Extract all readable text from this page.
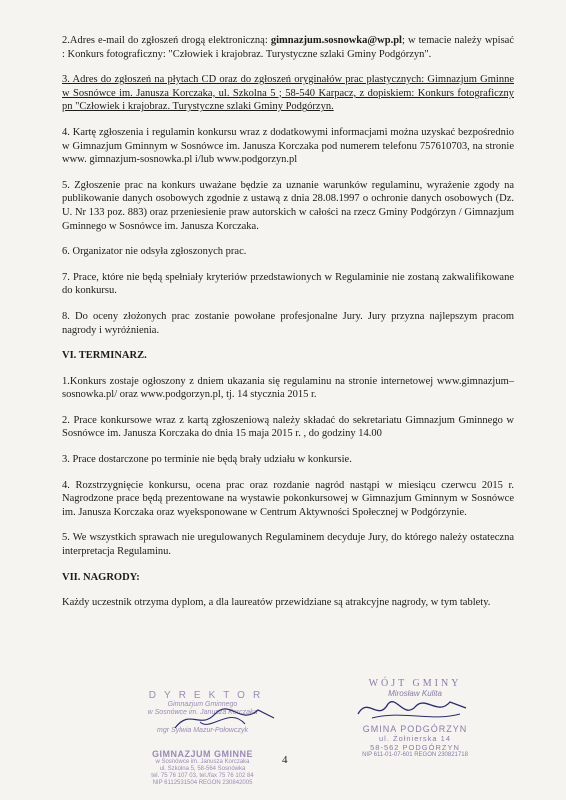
2.Adres e-mail do zgłoszeń drogą elektroniczną: gimnazjum.sosnowka@wp.pl; w temacie należy wpisać : Konkurs fotograficzny: "Człowiek i krajobraz. Turystyczne szlaki Gminy Podgórzyn".

3. Adres do zgłoszeń na płytach CD oraz do zgłoszeń oryginałów prac plastycznych: Gimnazjum Gminne w Sosnówce im. Janusza Korczaka, ul. Szkolna 5 ; 58-540 Karpacz, z dopiskiem: Konkurs fotograficzny pn "Człowiek i krajobraz. Turystyczne szlaki Gminy Podgórzyn.

4. Kartę zgłoszenia i regulamin konkursu wraz z dodatkowymi informacjami można uzyskać bezpośrednio w Gimnazjum Gminnym w Sosnówce im. Janusza Korczaka pod numerem telefonu 757610703, na stronie www. gimnazjum-sosnowka.pl i/lub www.podgorzyn.pl

5. Zgłoszenie prac na konkurs uważane będzie za uznanie warunków regulaminu, wyrażenie zgody na publikowanie danych osobowych zgodnie z ustawą z dnia 28.08.1997 o ochronie danych osobowych (Dz. U. Nr 133 poz. 883) oraz przeniesienie praw autorskich w całości na rzecz Gminy Podgórzyn / Gimnazjum Gminnego w Sosnówce im. Janusza Korczaka.

6. Organizator nie odsyła zgłoszonych prac.

7. Prace, które nie będą spełniały kryteriów przedstawionych w Regulaminie nie zostaną zakwalifikowane do konkursu.

8. Do oceny złożonych prac zostanie powołane profesjonalne Jury. Jury przyzna najlepszym pracom nagrody i wyróżnienia.

VI. TERMINARZ.

1.Konkurs zostaje ogłoszony z dniem ukazania się regulaminu na stronie internetowej www.gimnazjum–sosnowka.pl/ oraz www.podgorzyn.pl, tj. 14 stycznia 2015 r.

2. Prace konkursowe wraz z kartą zgłoszeniową należy składać do sekretariatu Gimnazjum Gminnego w Sosnówce im. Janusza Korczaka do dnia 15 maja 2015 r. , do godziny 14.00

3. Prace dostarczone po terminie nie będą brały udziału w konkursie.

4. Rozstrzygnięcie konkursu, ocena prac oraz rozdanie nagród nastąpi w miesiącu czerwcu 2015 r. Nagrodzone prace będą prezentowane na wystawie pokonkursowej w Gimnazjum Gminnym w Sosnówce im. Janusza Korczaka oraz wyeksponowane w Centrum Aktywności Społecznej w Podgórzynie.

5. We wszystkich sprawach nie uregulowanych Regulaminem decyduje Jury, do którego należy ostateczna interpretacja Regulaminu.

VII. NAGRODY:

Każdy uczestnik otrzyma dyplom, a dla laureatów przewidziane są atrakcyjne nagrody, w tym tablety.

DYREKTOR
Gimnazjum Gminnego
w Sosnówce im. Janusza Korczaka
mgr Sylwia Mazur-Połowczyk
GIMNAZJUM GMINNE
w Sosnówce im. Janusza Korczaka
ul. Szkolna 5, 58-564 Sosnówka
tel. 75 76 107 03, tel./fax 75 76 102 84
NIP 6112531504 REGON 230842005
WÓJT GMINY
Mirosław Kulita
GMINA PODGÓRZYN
ul. Żołnierska 14
58-562 PODGÓRZYN
NIP 611-01-07-601 REGON 230821718
4
